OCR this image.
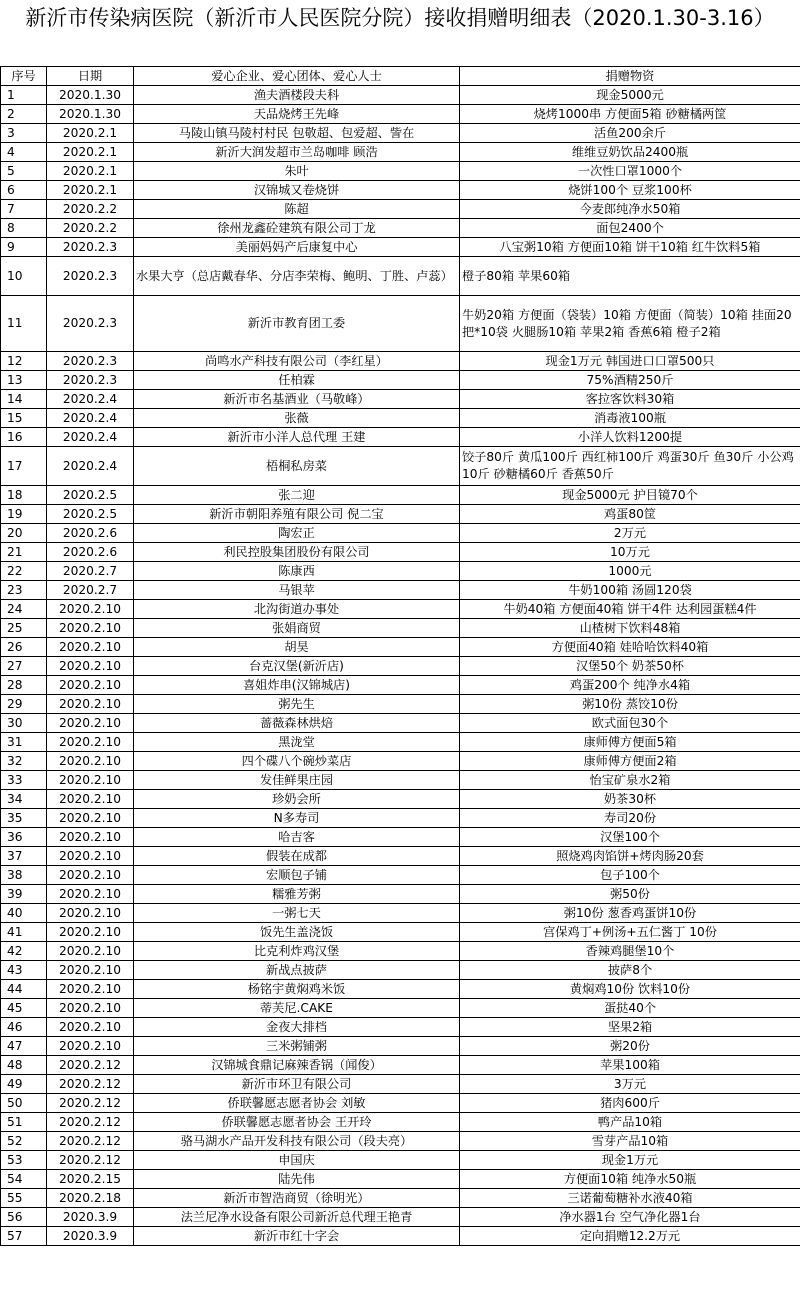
新沂市传染病医院（新沂市人民医院分院）接收捐赠明细表（2020.1.30-3.16）
序号	日期	爱心企业、爱心团体、爱心人士	捐赠物资
1	2020.1.30	渔夫酒楼段夫科	现金5000元
2	2020.1.30	天品烧烤王先峰	烧烤1000串 方便面5箱 砂糖橘两筐
3	2020.2.1	马陵山镇马陵村村民 包敬超、包爱超、訾在	活鱼200余斤
4	2020.2.1	新沂大润发超市兰岛咖啡 顾浩	维维豆奶饮品2400瓶
5	2020.2.1	朱叶	一次性口罩1000个
6	2020.2.1	汉锦城又卷烧饼	烧饼100个 豆浆100杯
7	2020.2.2	陈超	今麦郎纯净水50箱
8	2020.2.2	徐州龙鑫砼建筑有限公司丁龙	面包2400个
9	2020.2.3	美丽妈妈产后康复中心	八宝粥10箱 方便面10箱 饼干10箱 红牛饮料5箱
10	2020.2.3	水果大亨（总店戴春华、分店李荣梅、鲍明、丁胜、卢蕊）	橙子80箱 苹果60箱
11	2020.2.3	新沂市教育团工委	牛奶20箱 方便面（袋装）10箱 方便面（简装）10箱 挂面20把*10袋 火腿肠10箱 苹果2箱 香蕉6箱 橙子2箱
12	2020.2.3	尚鸣水产科技有限公司（李红星）	现金1万元 韩国进口口罩500只
13	2020.2.3	任柏霖	75%酒精250斤
14	2020.2.4	新沂市名基酒业（马敬峰）	客拉客饮料30箱
15	2020.2.4	张薇	消毒液100瓶
16	2020.2.4	新沂市小洋人总代理 王建	小洋人饮料1200提
17	2020.2.4	梧桐私房菜	饺子80斤 黄瓜100斤 西红柿100斤 鸡蛋30斤 鱼30斤 小公鸡10斤 砂糖橘60斤 香蕉50斤
18	2020.2.5	张二迎	现金5000元 护目镜70个
19	2020.2.5	新沂市朝阳养殖有限公司 倪二宝	鸡蛋80筐
20	2020.2.6	陶宏正	2万元
21	2020.2.6	利民控股集团股份有限公司	10万元
22	2020.2.7	陈康西	1000元
23	2020.2.7	马银苹	牛奶100箱 汤圆120袋
24	2020.2.10	北沟街道办事处	牛奶40箱 方便面40箱 饼干4件 达利园蛋糕4件
25	2020.2.10	张娟商贸	山楂树下饮料48箱
26	2020.2.10	胡昊	方便面40箱 娃哈哈饮料40箱
27	2020.2.10	台克汉堡(新沂店)	汉堡50个 奶茶50杯
28	2020.2.10	喜姐炸串(汉锦城店)	鸡蛋200个 纯净水4箱
29	2020.2.10	粥先生	粥10份 蒸饺10份
30	2020.2.10	蔷薇森林烘焙	欧式面包30个
31	2020.2.10	黑泷堂	康师傅方便面5箱
32	2020.2.10	四个碟八个碗炒菜店	康师傅方便面2箱
33	2020.2.10	发佳鲜果庄园	怡宝矿泉水2箱
34	2020.2.10	珍奶会所	奶茶30杯
35	2020.2.10	N多寿司	寿司20份
36	2020.2.10	哈吉客	汉堡100个
37	2020.2.10	假装在成都	照烧鸡肉馅饼+烤肉肠20套
38	2020.2.10	宏顺包子铺	包子100个
39	2020.2.10	糯雅芳粥	粥50份
40	2020.2.10	一粥七天	粥10份 葱香鸡蛋饼10份
41	2020.2.10	饭先生盖浇饭	宫保鸡丁+例汤+五仁酱丁 10份
42	2020.2.10	比克利炸鸡汉堡	香辣鸡腿堡10个
43	2020.2.10	新战点披萨	披萨8个
44	2020.2.10	杨铭宇黄焖鸡米饭	黄焖鸡10份 饮料10份
45	2020.2.10	蒂芙尼.CAKE	蛋挞40个
46	2020.2.10	金夜大排档	坚果2箱
47	2020.2.10	三米粥铺粥	粥20份
48	2020.2.12	汉锦城食鼎记麻辣香锅（闻俊）	苹果100箱
49	2020.2.12	新沂市环卫有限公司	3万元
50	2020.2.12	侨联馨愿志愿者协会 刘敏	猪肉600斤
51	2020.2.12	侨联馨愿志愿者协会 王开玲	鸭产品10箱
52	2020.2.12	骆马湖水产品开发科技有限公司（段夫亮）	雪芽产品10箱
53	2020.2.12	申国庆	现金1万元
54	2020.2.15	陆先伟	方便面10箱 纯净水50瓶
55	2020.2.18	新沂市智浩商贸（徐明光）	三诺葡萄糖补水液40箱
56	2020.3.9	法兰尼净水设备有限公司新沂总代理王艳青	净水器1台 空气净化器1台
57	2020.3.9	新沂市红十字会	定向捐赠12.2万元
